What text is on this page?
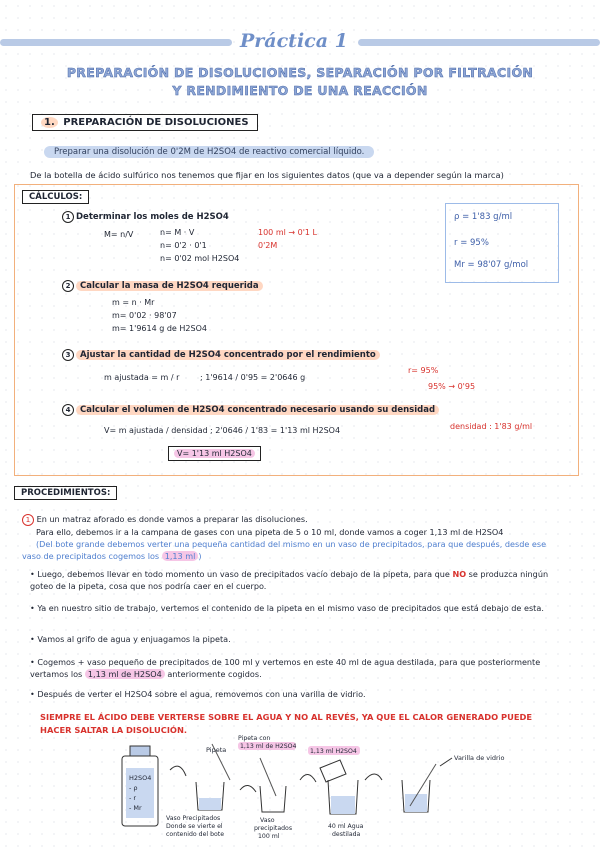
Práctica 1
PREPARACIÓN DE DISOLUCIONES, SEPARACIÓN POR FILTRACIÓN
Y RENDIMIENTO DE UNA REACCIÓN
1. PREPARACIÓN DE DISOLUCIONES
Preparar una disolución de 0'2M de H2SO4 de reactivo comercial líquido.
De la botella de ácido sulfúrico nos tenemos que fijar en los siguientes datos (que va a depender según la marca)
CÁLCULOS:
1 Determinar los moles de H2SO4
M= n/V	n= M · V
n= 0'2 · 0'1
n= 0'02 mol H2SO4
100 ml → 0'1 L
0'2M
ρ = 1'83 g/ml
r = 95%
Mr = 98'07 g/mol
2 Calcular la masa de H2SO4 requerida
m = n · Mr
m= 0'02 · 98'07
m= 1'9614 g de H2SO4
3 Ajustar la cantidad de H2SO4 concentrado por el rendimiento
m ajustada = m / r	; 1'9614 / 0'95 = 2'0646 g
r= 95%
95% → 0'95
4 Calcular el volumen de H2SO4 concentrado necesario usando su densidad
V= m ajustada / densidad ; 2'0646 / 1'83 = 1'13 ml H2SO4	densidad : 1'83 g/ml
V= 1'13 ml H2SO4
PROCEDIMIENTOS:
1 En un matraz aforado es donde vamos a preparar las disoluciones.
Para ello, debemos ir a la campana de gases con una pipeta de 5 o 10 ml, donde vamos a coger 1,13 ml de H2SO4
(Del bote grande debemos verter una pequeña cantidad del mismo en un vaso de precipitados, para que después, desde ese vaso de precipitados cogemos los 1,13 ml )
• Luego, debemos llevar en todo momento un vaso de precipitados vacío debajo de la pipeta, para que NO se produzca ningún goteo de la pipeta, cosa que nos podría caer en el cuerpo.
• Ya en nuestro sitio de trabajo, vertemos el contenido de la pipeta en el mismo vaso de precipitados que está debajo de esta.
• Vamos al grifo de agua y enjuagamos la pipeta.
• Cogemos + vaso pequeño de precipitados de 100 ml y vertemos en este 40 ml de agua destilada, para que posteriormente vertamos los 1,13 ml de H2SO4 anteriormente cogidos.
• Después de verter el H2SO4 sobre el agua, removemos con una varilla de vidrio.
SIEMPRE EL ÁCIDO DEBE VERTERSE SOBRE EL AGUA Y NO AL REVÉS, YA QUE EL CALOR GENERADO PUEDE HACER SALTAR LA DISOLUCIÓN.
H2SO4
- ρ
- r
- Mr
Pipeta
Vaso Precipitados
Donde se vierte el
contenido del bote
Pipeta con
1,13 ml de H2SO4
Vaso
precipitados
100 ml
1,13 ml H2SO4
40 ml Agua
destilada
Varilla de vidrio
